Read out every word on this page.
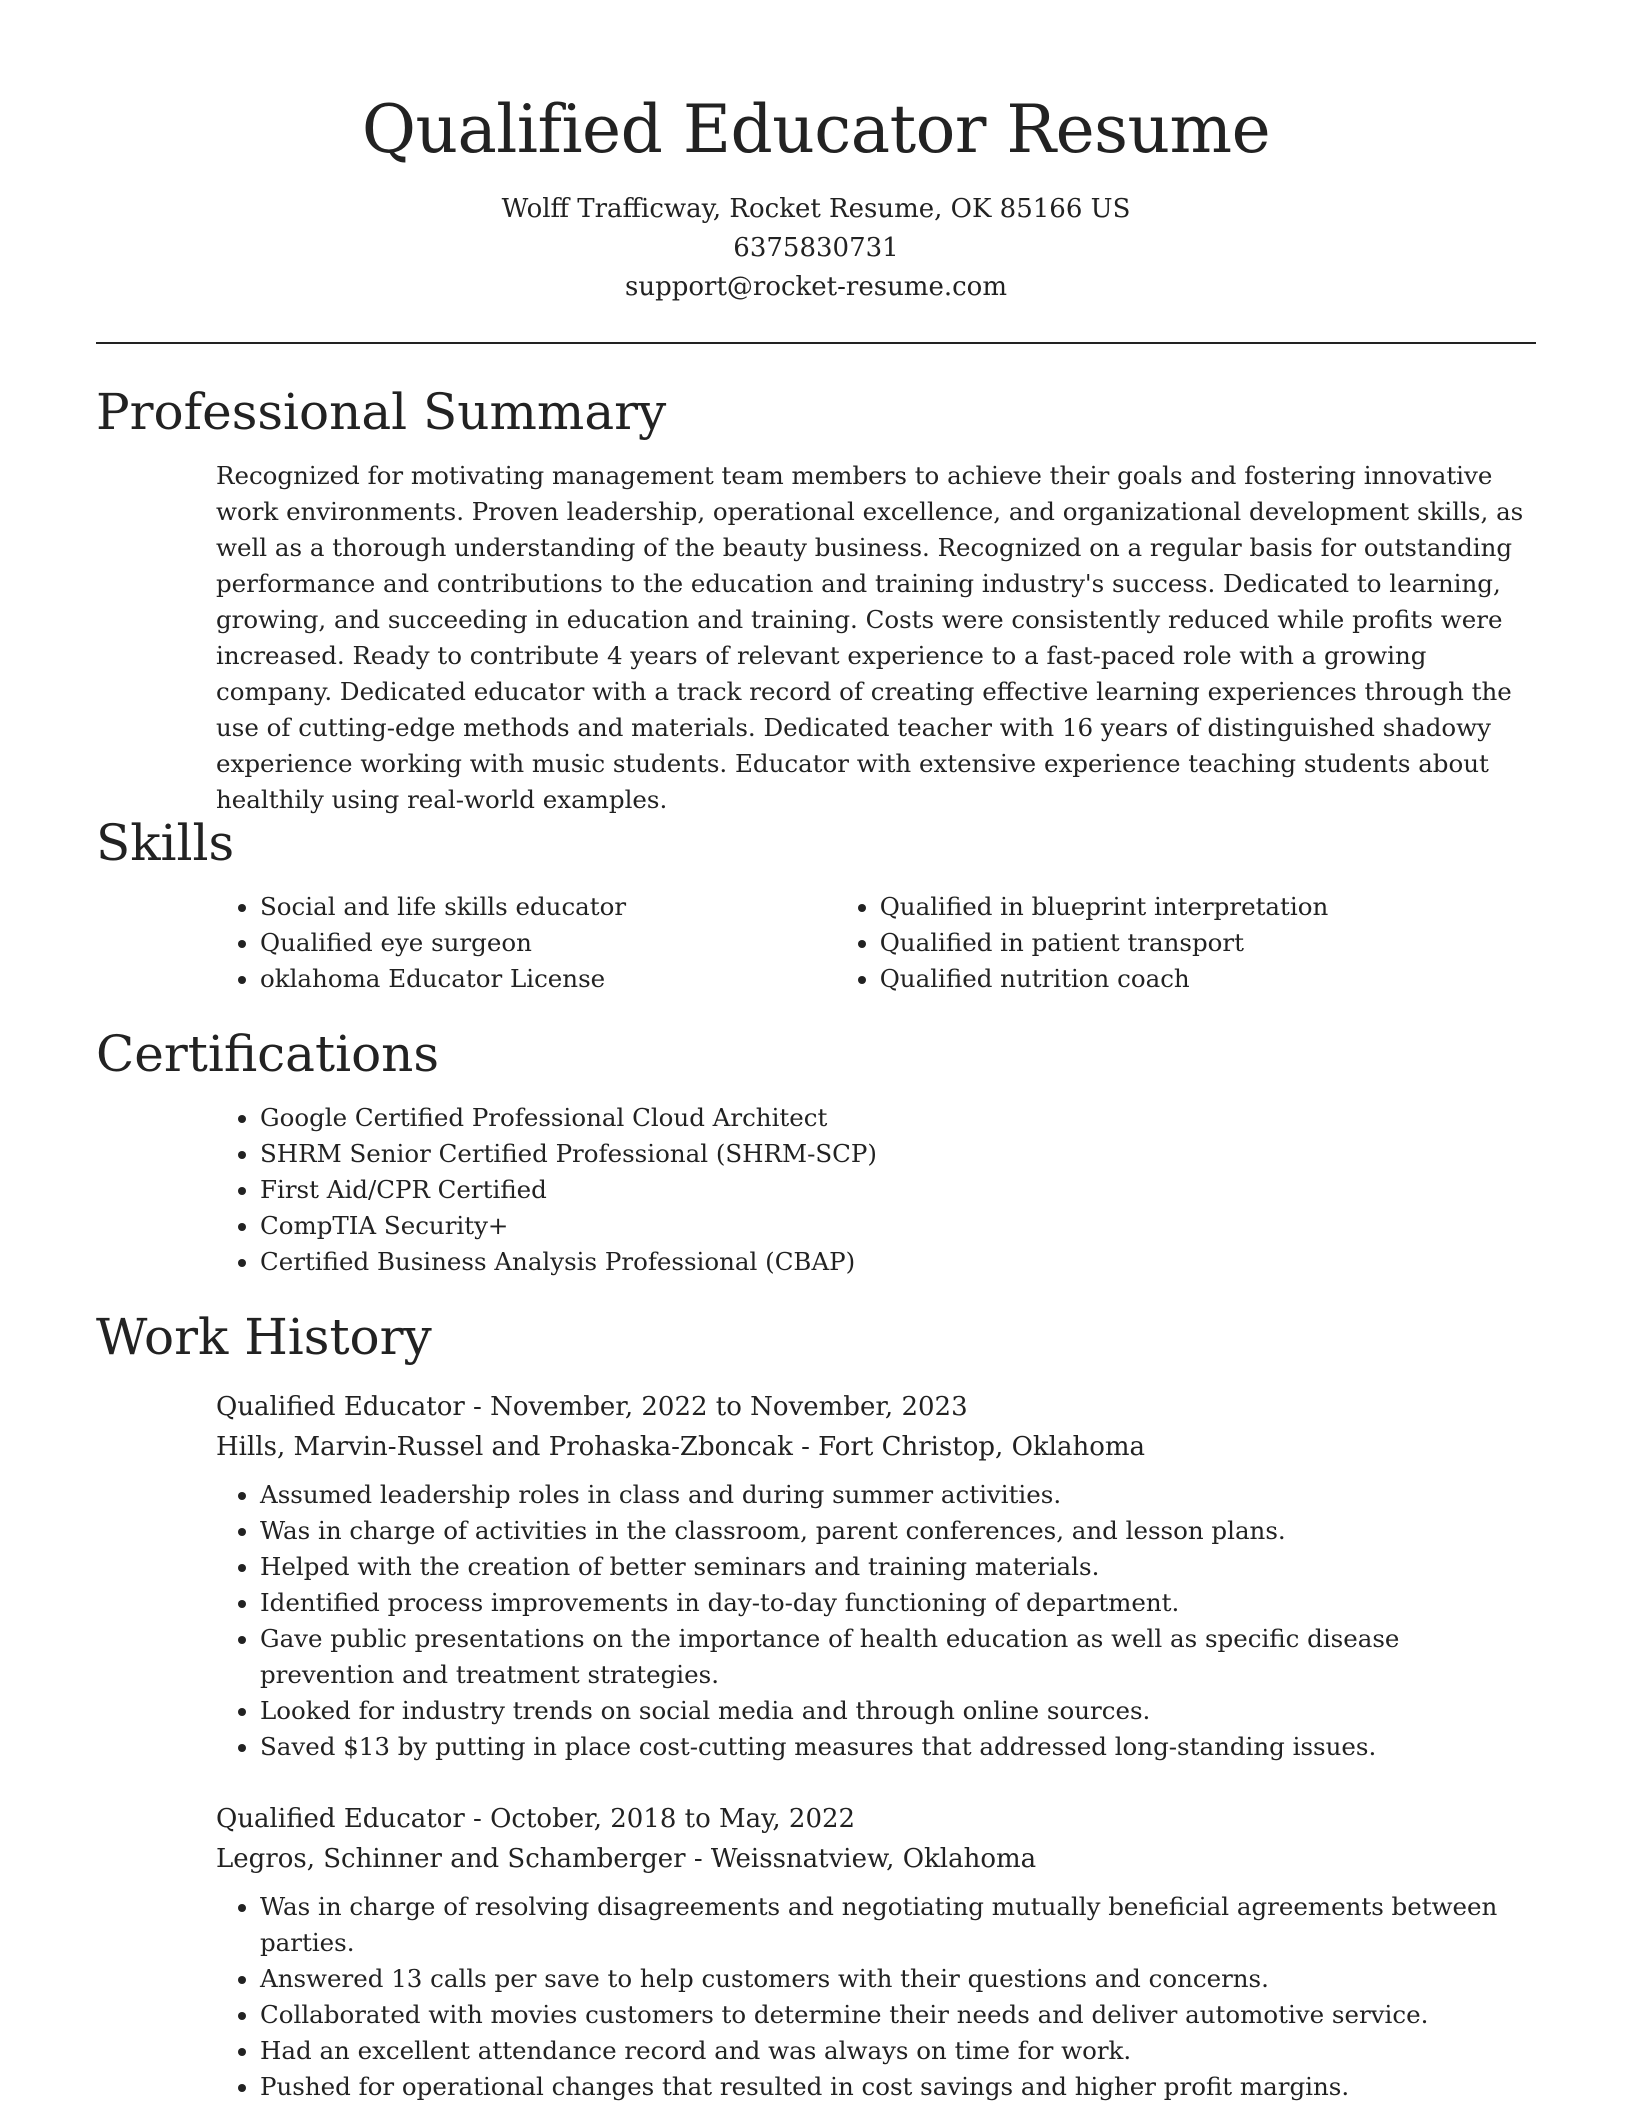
Qualified Educator Resume

Wolff Trafficway, Rocket Resume, OK 85166 US

6375830731

support@rocket-resume.com

Professional Summary

Recognized for motivating management team members to achieve their goals and fostering innovative work environments. Proven leadership, operational excellence, and organizational development skills, as well as a thorough understanding of the beauty business. Recognized on a regular basis for outstanding performance and contributions to the education and training industry's success. Dedicated to learning, growing, and succeeding in education and training. Costs were consistently reduced while profits were increased. Ready to contribute 4 years of relevant experience to a fast-paced role with a growing company. Dedicated educator with a track record of creating effective learning experiences through the use of cutting-edge methods and materials. Dedicated teacher with 16 years of distinguished shadowy experience working with music students. Educator with extensive experience teaching students about healthily using real-world examples.

Skills
• Social and life skills educator
• Qualified eye surgeon
• oklahoma Educator License
• Qualified in blueprint interpretation
• Qualified in patient transport
• Qualified nutrition coach
Certifications
• Google Certified Professional Cloud Architect
• SHRM Senior Certified Professional (SHRM-SCP)
• First Aid/CPR Certified
• CompTIA Security+
• Certified Business Analysis Professional (CBAP)
Work History

Qualified Educator - November, 2022 to November, 2023

Hills, Marvin-Russel and Prohaska-Zboncak - Fort Christop, Oklahoma

• Assumed leadership roles in class and during summer activities.
• Was in charge of activities in the classroom, parent conferences, and lesson plans.
• Helped with the creation of better seminars and training materials.
• Identified process improvements in day-to-day functioning of department.
• Gave public presentations on the importance of health education as well as specific disease prevention and treatment strategies.
• Looked for industry trends on social media and through online sources.
• Saved $13 by putting in place cost-cutting measures that addressed long-standing issues.

Qualified Educator - October, 2018 to May, 2022

Legros, Schinner and Schamberger - Weissnatview, Oklahoma

• Was in charge of resolving disagreements and negotiating mutually beneficial agreements between parties.
• Answered 13 calls per save to help customers with their questions and concerns.
• Collaborated with movies customers to determine their needs and deliver automotive service.
• Had an excellent attendance record and was always on time for work.
• Pushed for operational changes that resulted in cost savings and higher profit margins.
